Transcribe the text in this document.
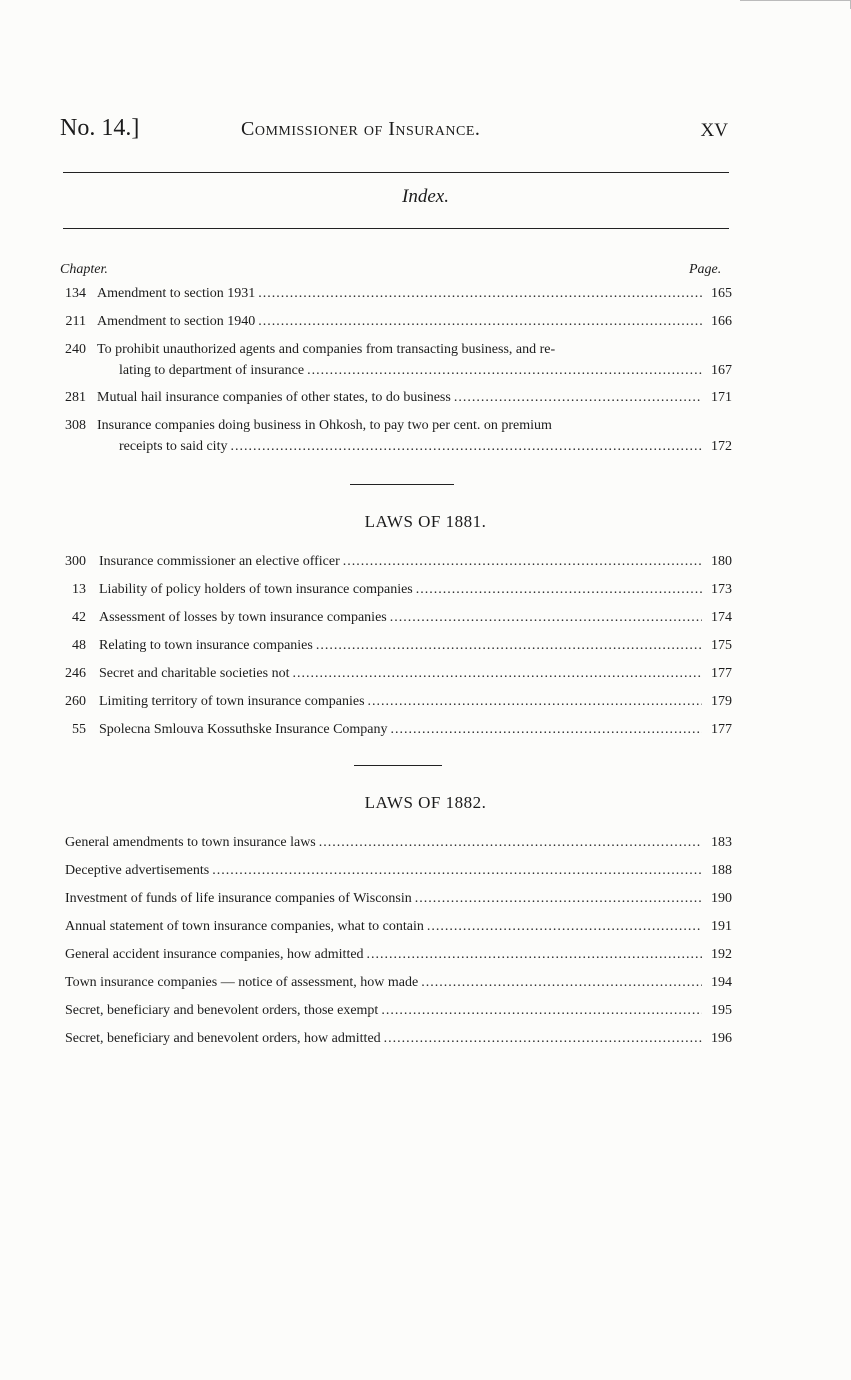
No. 14.]	Commissioner of Insurance.	XV
Index.
Chapter.	Page.
134 Amendment to section 1931 .....	165
211 Amendment to section 1940 .....	166
240 To prohibit unauthorized agents and companies from transacting business, and re-
lating to department of insurance .....	167
281 Mutual hail insurance companies of other states, to do business .....	171
308 Insurance companies doing business in Ohkosh, to pay two per cent. on premium
receipts to said city .....	172
LAWS OF 1881.
300 Insurance commissioner an elective officer .....	180
13 Liability of policy holders of town insurance companies .....	173
42 Assessment of losses by town insurance companies .....	174
48 Relating to town insurance companies .....	175
246 Secret and charitable societies not .....	177
260 Limiting territory of town insurance companies .....	179
55 Spolecna Smlouva Kossuthske Insurance Company .....	177
LAWS OF 1882.
General amendments to town insurance laws .....	183
Deceptive advertisements .....	188
Investment of funds of life insurance companies of Wisconsin .....	190
Annual statement of town insurance companies, what to contain .....	191
General accident insurance companies, how admitted .....	192
Town insurance companies — notice of assessment, how made .....	194
Secret, beneficiary and benevolent orders, those exempt .....	195
Secret, beneficiary and benevolent orders, how admitted .....	196
